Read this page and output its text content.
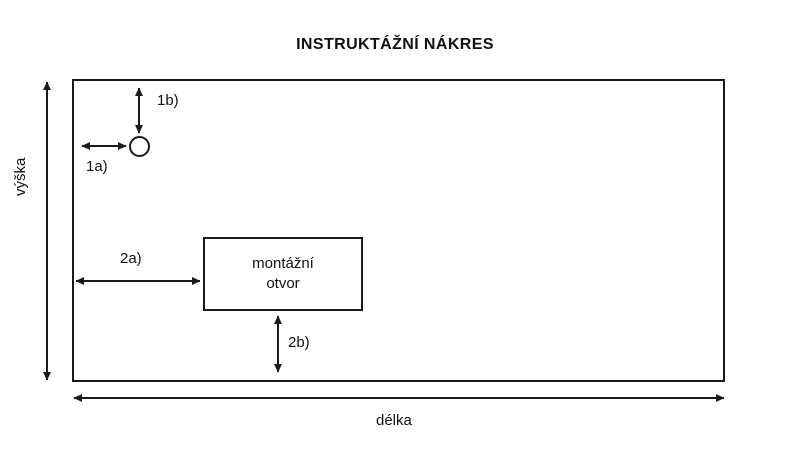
INSTRUKTÁŽNÍ NÁKRES
montážní
otvor
výška
délka
1a)
1b)
2a)
2b)
